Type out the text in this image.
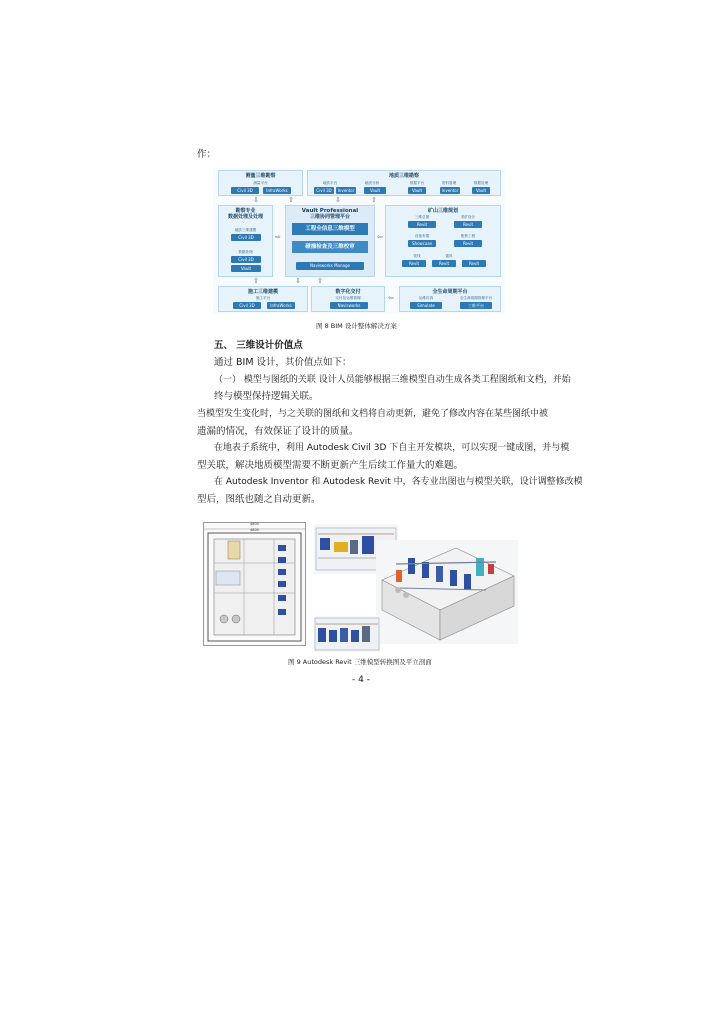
作：
测量三维勘察
测量平台
Civil 3D	InfraWorks
地质三维勘察
地质平台	地质分析	数据平台	资料管理	数据处理
Civil 3D	Inventor	Vault	Vault	Inventor	Vault
⇩	⇧	⇩	⇧
勘察专业
数据处理及处理
地质三维建模
Civil 3D
数据处理
Civil 3D
Vault
⇨
Vault Professional
三维协同管理平台
工程全信息三维模型
碰撞检查及三维校审
Navisworks Manage
⇦
矿山三维规划
三维总图	采矿设计
Revit	Revit
设备布置	配套工程
Showcase	Revit
管线	通风
Revit	Revit	Revit
⇧	⇩ ⇧
施工三维建模
施工平台
Civil 3D	InfraWorks
数字化交付
交付及运维管理
Navisworks
⇦
全生命周期平台
运维仿真	全生命周期管理平台
Simulate	三维平台
图 8 BIM 设计整体解决方案
五、 三维设计价值点
通过 BIM 设计，其价值点如下：
（一） 模型与图纸的关联 设计人员能够根据三维模型自动生成各类工程图纸和文档，并始
终与模型保持逻辑关联。
当模型发生变化时，与之关联的图纸和文档将自动更新，避免了修改内容在某些图纸中被
遗漏的情况，有效保证了设计的质量。
在地表子系统中，利用 Autodesk Civil 3D 下自主开发模块，可以实现一键成图，并与模
型关联，解决地质模型需要不断更新产生后续工作量大的难题。
在 Autodesk Inventor 和 Autodesk Revit 中，各专业出图也与模型关联，设计调整修改模
型后，图纸也随之自动更新。
4800
4800
图 9 Autodesk Revit 三维模型转换图及平立剖面
- 4 -
